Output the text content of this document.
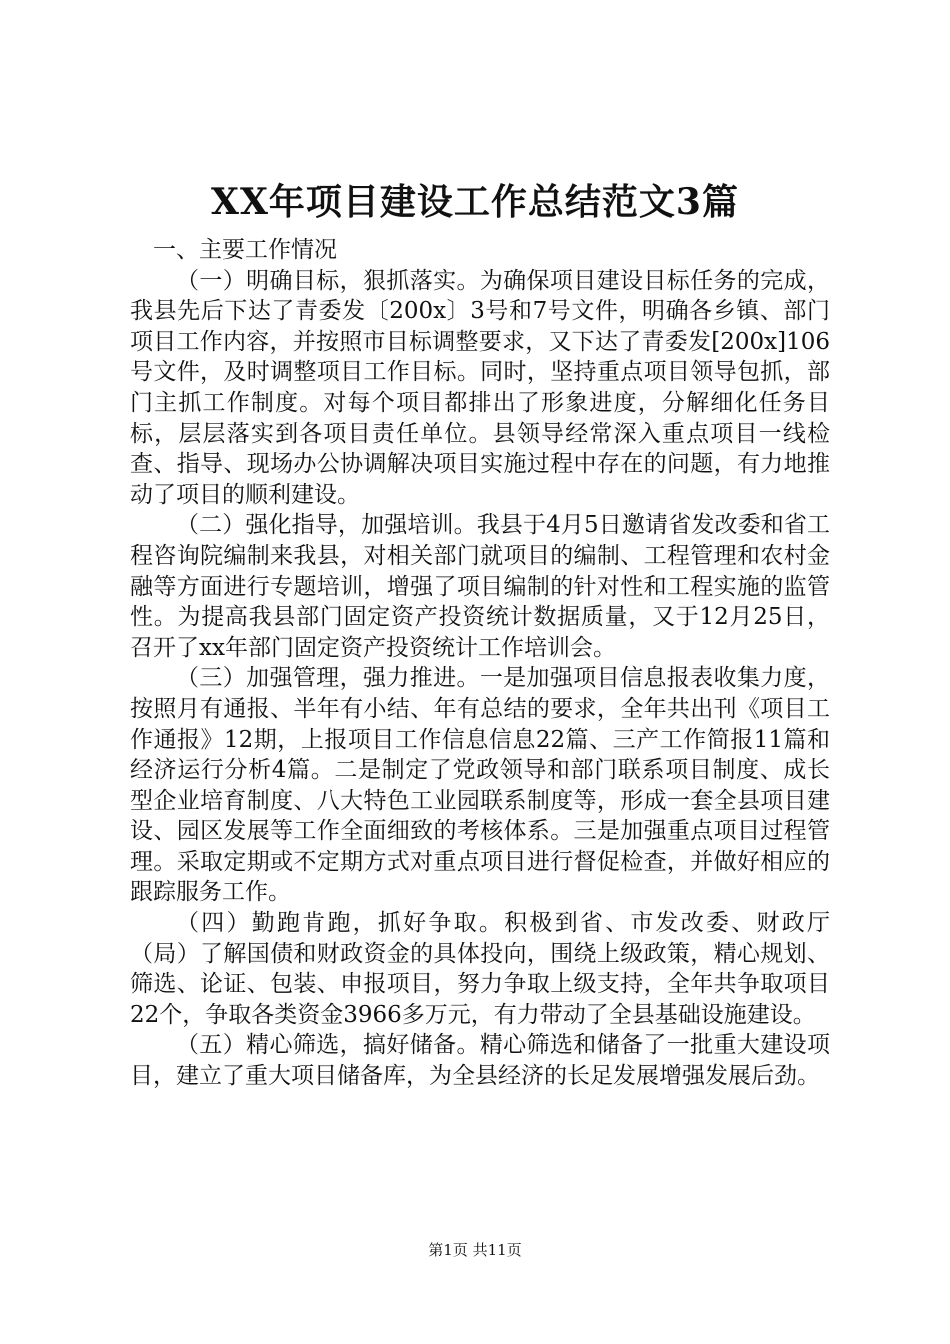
XX年项目建设工作总结范文3篇

一、主要工作情况

（一）明确目标，狠抓落实。为确保项目建设目标任务的完成，我县先后下达了青委发〔200x〕3号和7号文件，明确各乡镇、部门项目工作内容，并按照市目标调整要求，又下达了青委发[200x]106号文件，及时调整项目工作目标。同时，坚持重点项目领导包抓，部门主抓工作制度。对每个项目都排出了形象进度，分解细化任务目标，层层落实到各项目责任单位。县领导经常深入重点项目一线检查、指导、现场办公协调解决项目实施过程中存在的问题，有力地推动了项目的顺利建设。

（二）强化指导，加强培训。我县于4月5日邀请省发改委和省工程咨询院编制来我县，对相关部门就项目的编制、工程管理和农村金融等方面进行专题培训，增强了项目编制的针对性和工程实施的监管性。为提高我县部门固定资产投资统计数据质量，又于12月25日，召开了xx年部门固定资产投资统计工作培训会。

（三）加强管理，强力推进。一是加强项目信息报表收集力度，按照月有通报、半年有小结、年有总结的要求，全年共出刊《项目工作通报》12期，上报项目工作信息信息22篇、三产工作简报11篇和经济运行分析4篇。二是制定了党政领导和部门联系项目制度、成长型企业培育制度、八大特色工业园联系制度等，形成一套全县项目建设、园区发展等工作全面细致的考核体系。三是加强重点项目过程管理。采取定期或不定期方式对重点项目进行督促检查，并做好相应的跟踪服务工作。

（四）勤跑肯跑，抓好争取。积极到省、市发改委、财政厅（局）了解国债和财政资金的具体投向，围绕上级政策，精心规划、筛选、论证、包装、申报项目，努力争取上级支持，全年共争取项目22个，争取各类资金3966多万元，有力带动了全县基础设施建设。

（五）精心筛选，搞好储备。精心筛选和储备了一批重大建设项目，建立了重大项目储备库，为全县经济的长足发展增强发展后劲。

第1页 共11页
